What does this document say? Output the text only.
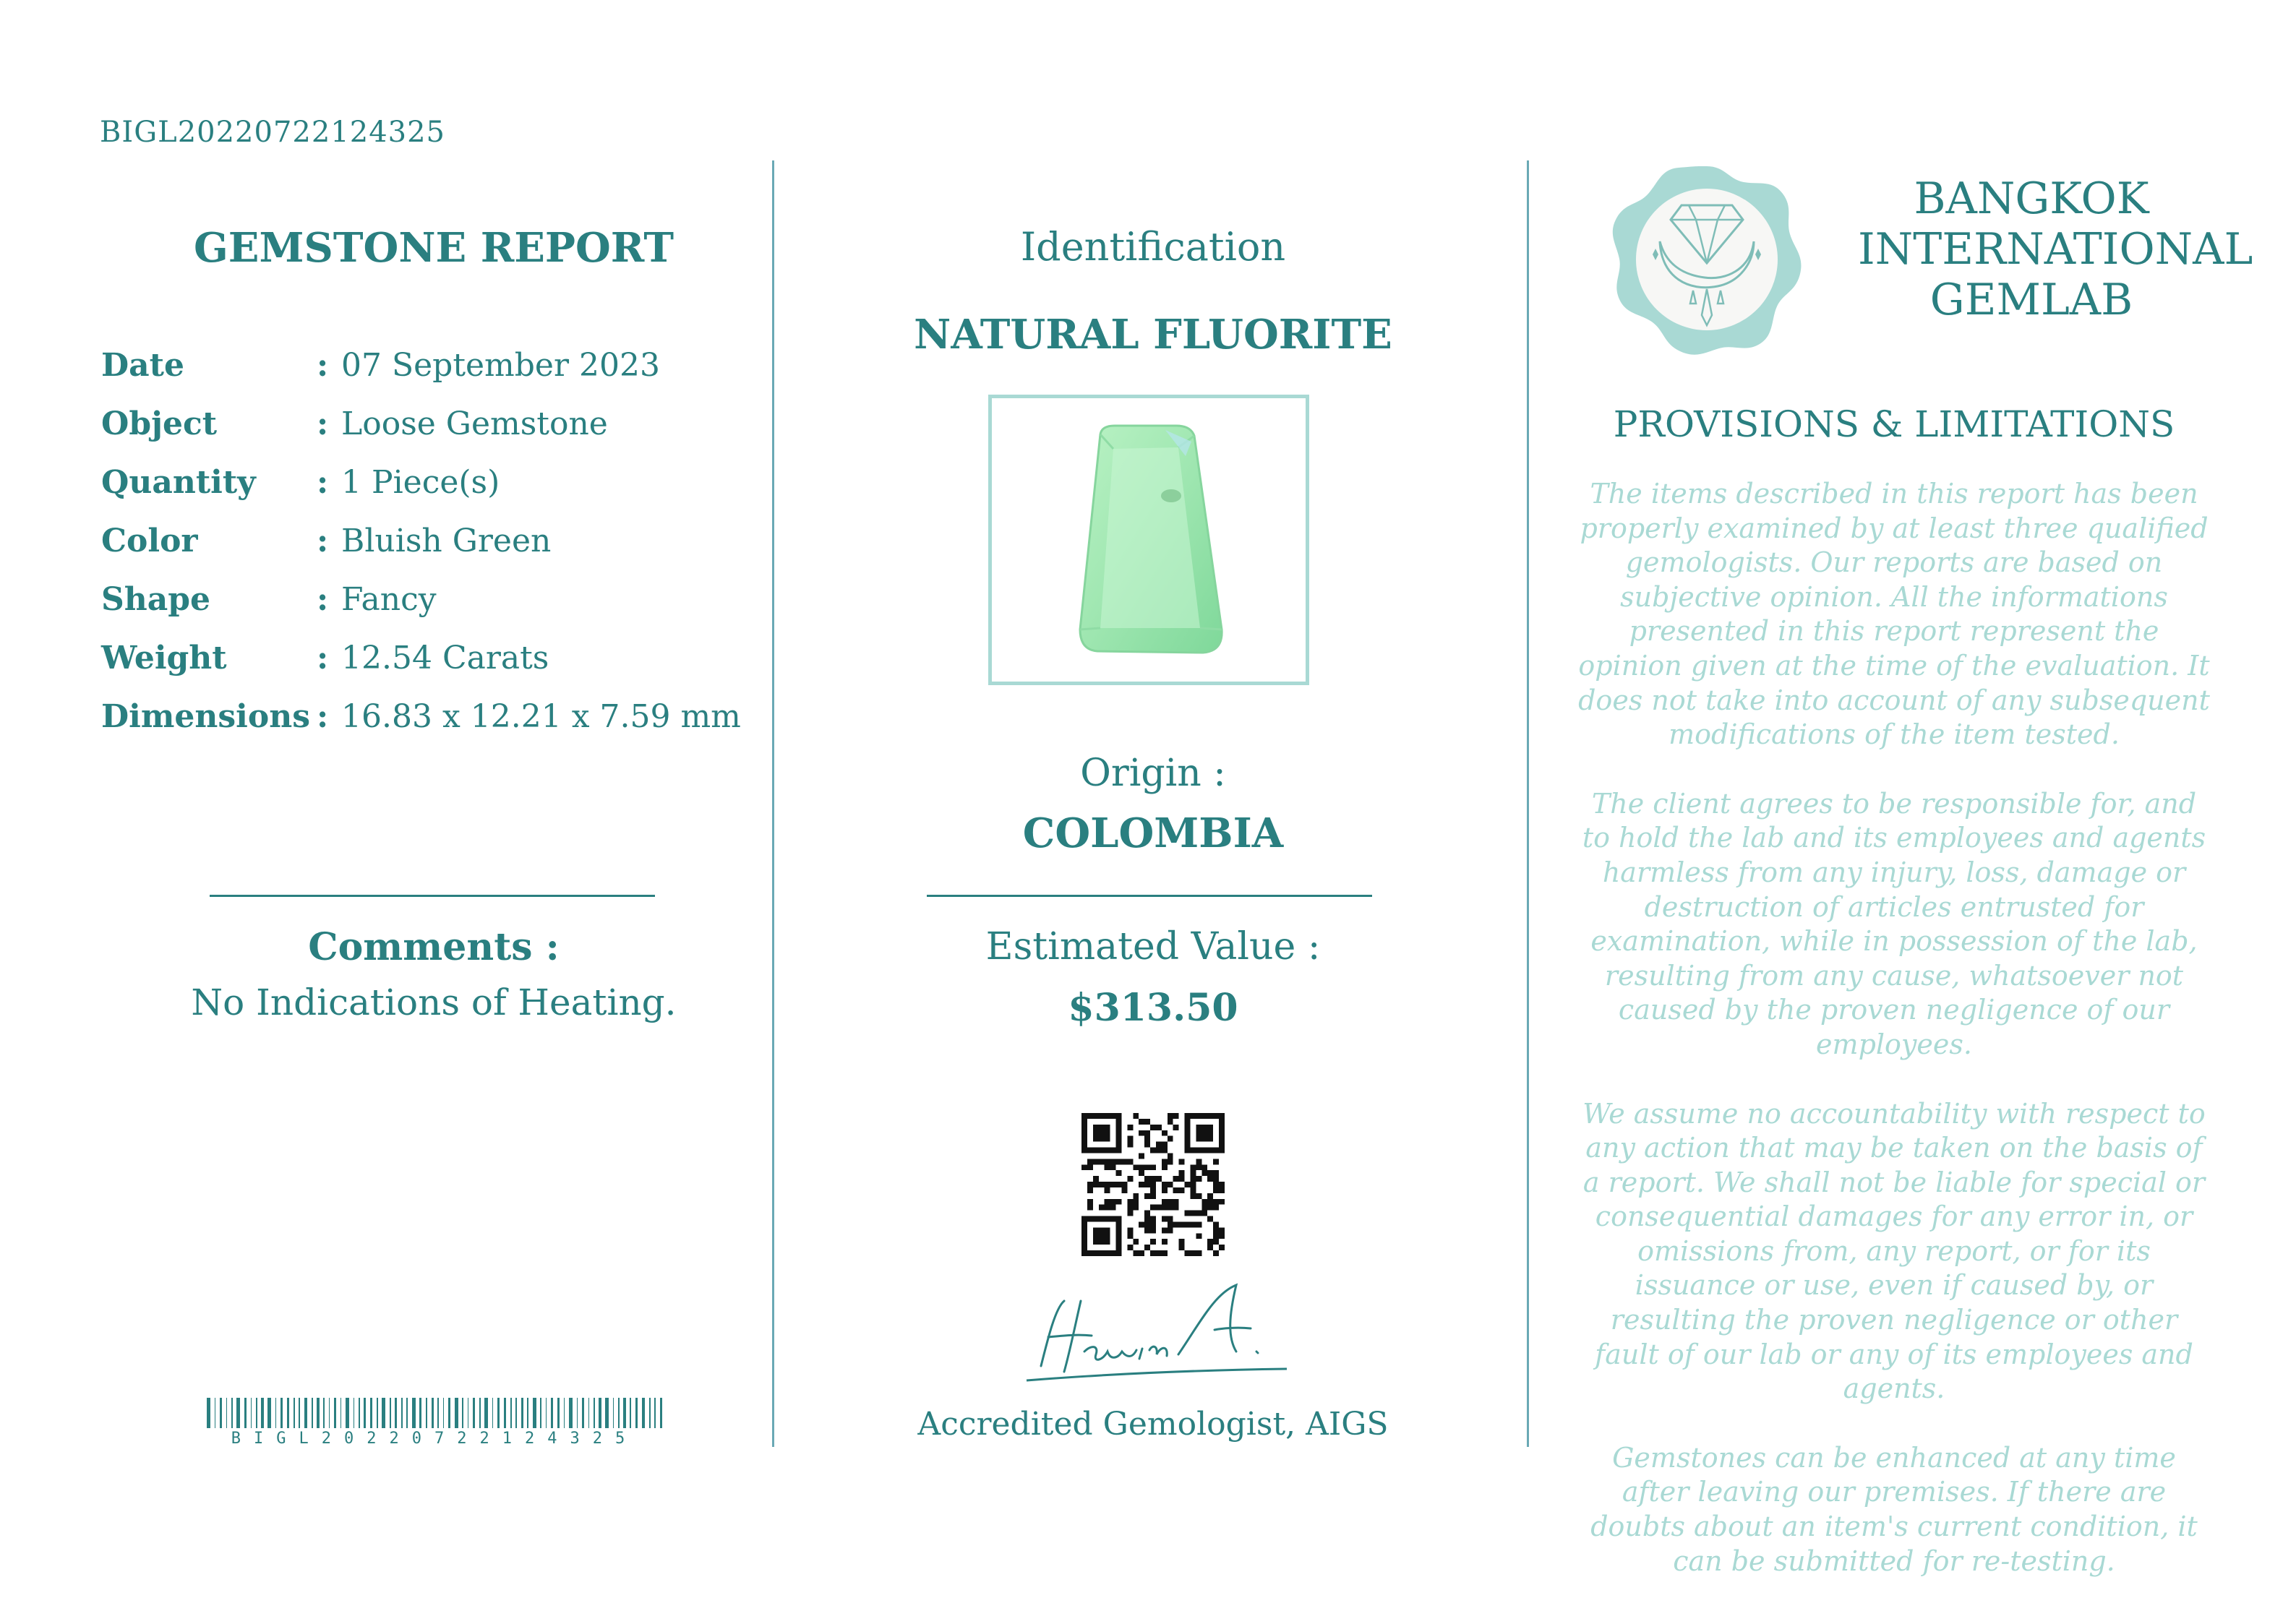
BIGL20220722124325
GEMSTONE REPORT
Date	: 07 September 2023
Object	: Loose Gemstone
Quantity : 1 Piece(s)
Color	: Bluish Green
Shape	: Fancy
Weight	: 12.54 Carats
Dimensions : 16.83 x 12.21 x 7.59 mm
Comments :
No Indications of Heating.
BIGL20220722124325
Identification
NATURAL FLUORITE
Origin :
COLOMBIA
Estimated Value :
$313.50
Accredited Gemologist, AIGS
BANGKOK
INTERNATIONAL
GEMLAB
PROVISIONS & LIMITATIONS

The items described in this report has been properly examined by at least three qualified gemologists. Our reports are based on subjective opinion. All the informations presented in this report represent the opinion given at the time of the evaluation. It does not take into account of any subsequent modifications of the item tested.

The client agrees to be responsible for, and to hold the lab and its employees and agents harmless from any injury, loss, damage or destruction of articles entrusted for examination, while in possession of the lab, resulting from any cause, whatsoever not caused by the proven negligence of our employees.

We assume no accountability with respect to any action that may be taken on the basis of a report. We shall not be liable for special or consequential damages for any error in, or omissions from, any report, or for its issuance or use, even if caused by, or resulting the proven negligence or other fault of our lab or any of its employees and agents.

Gemstones can be enhanced at any time after leaving our premises. If there are doubts about an item's current condition, it can be submitted for re-testing.
